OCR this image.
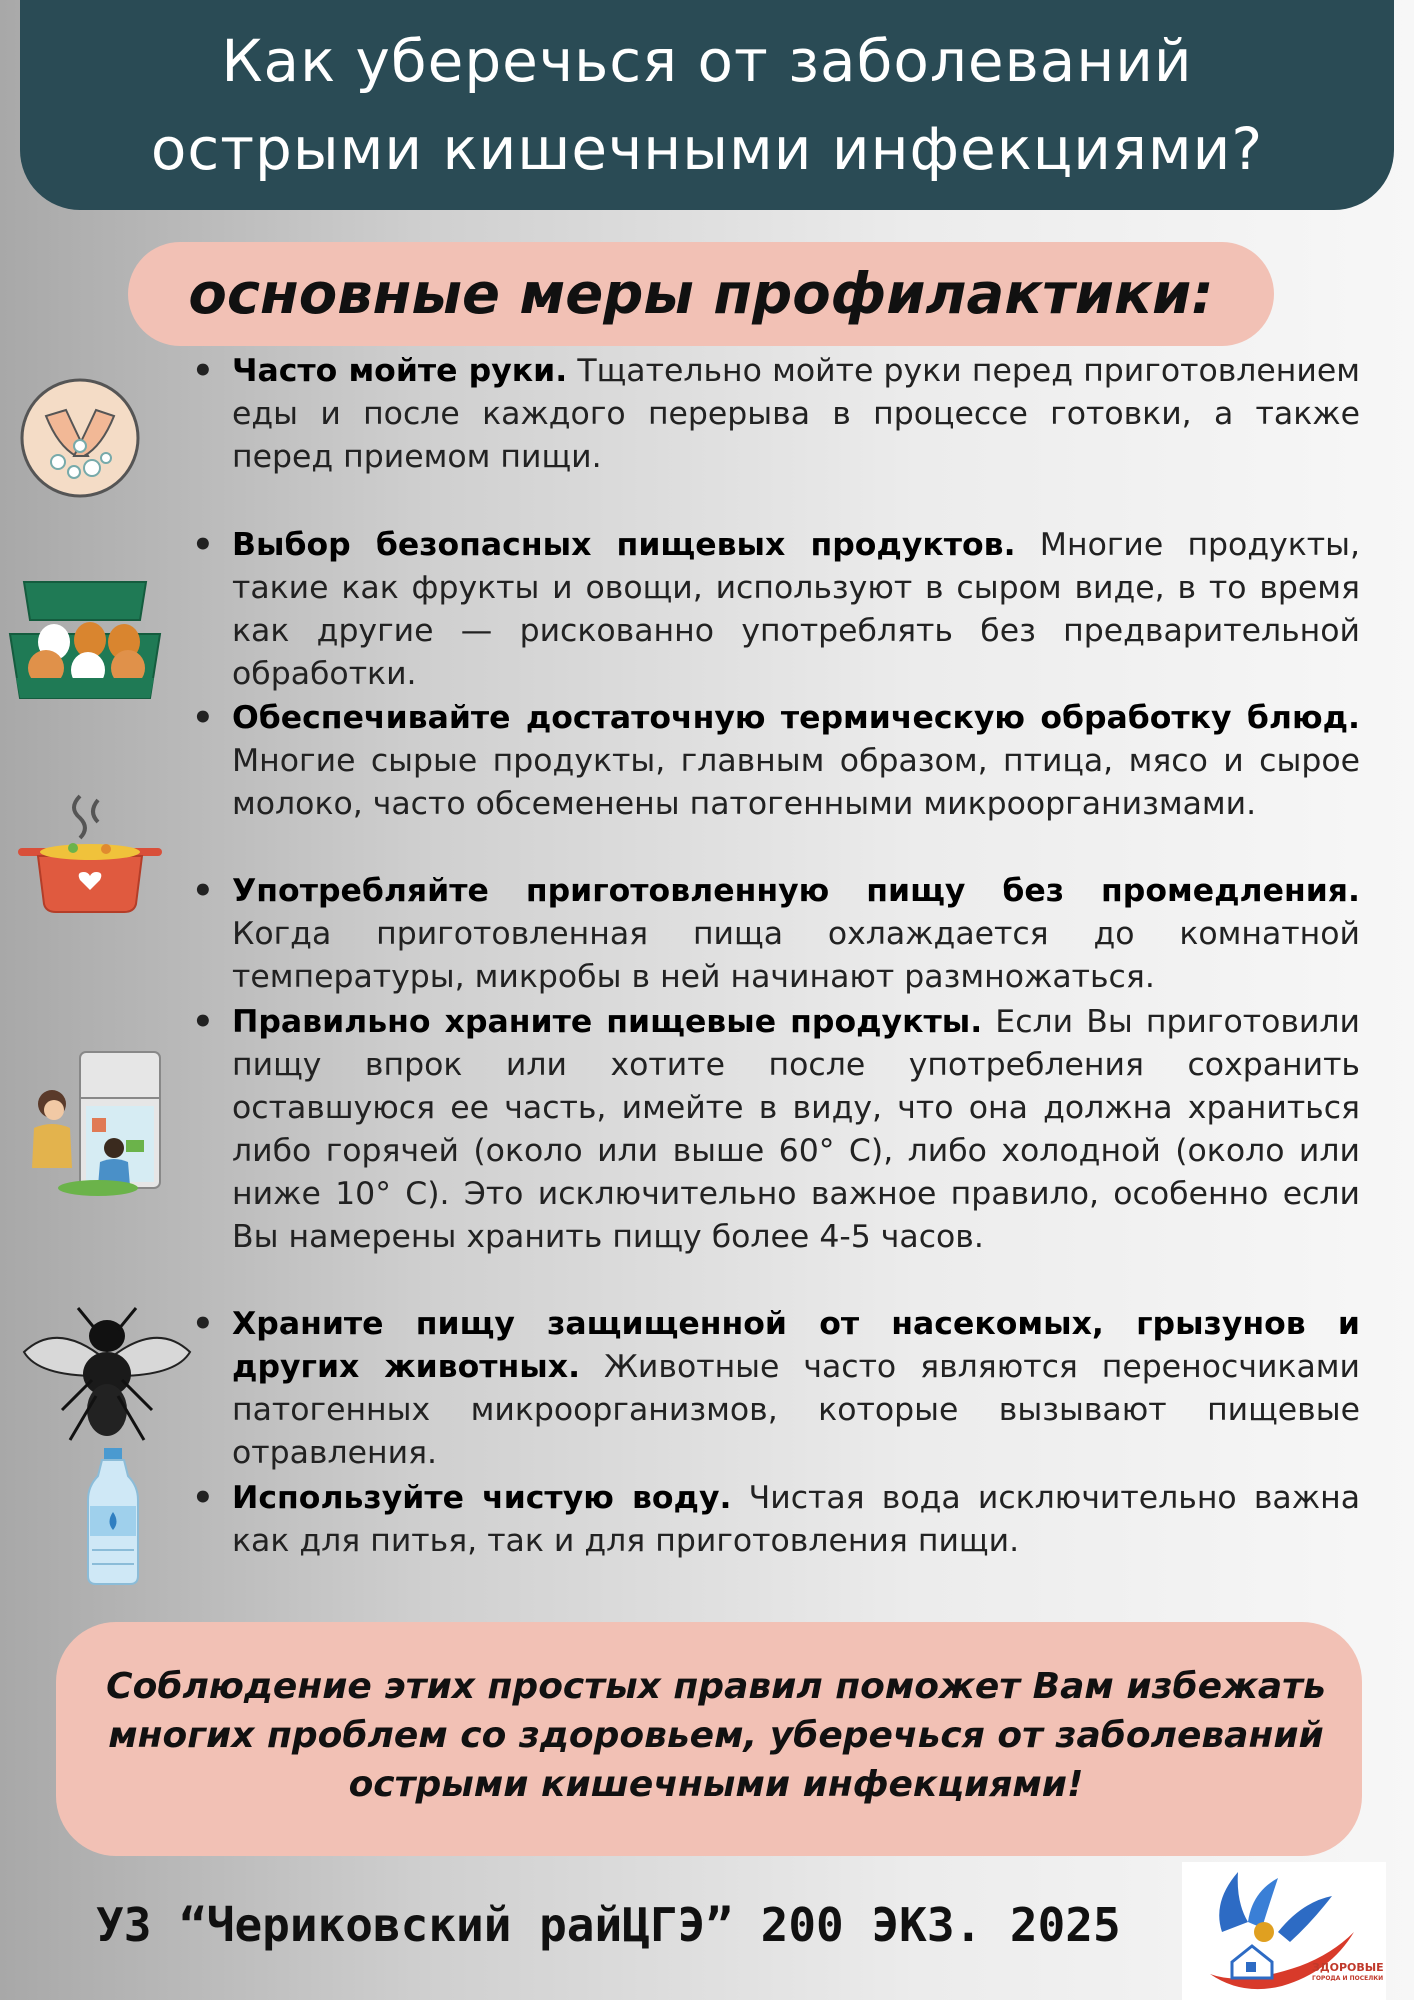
Как уберечься от заболеваний
острыми кишечными инфекциями?
основные меры профилактики:
• Часто мойте руки. Тщательно мойте руки перед приготовлением еды и после каждого перерыва в процессе готовки, а также перед приемом пищи.
• Выбор безопасных пищевых продуктов. Многие продукты, такие как фрукты и овощи, используют в сыром виде, в то время как другие — рискованно употреблять без предварительной обработки.
• Обеспечивайте достаточную термическую обработку блюд. Многие сырые продукты, главным образом, птица, мясо и сырое молоко, часто обсеменены патогенными микроорганизмами.
• Употребляйте приготовленную пищу без промедления. Когда приготовленная пища охлаждается до комнатной температуры, микробы в ней начинают размножаться.
• Правильно храните пищевые продукты. Если Вы приготовили пищу впрок или хотите после употребления сохранить оставшуюся ее часть, имейте в виду, что она должна храниться либо горячей (около или выше 60° С), либо холодной (около или ниже 10° С). Это исключительно важное правило, особенно если Вы намерены хранить пищу более 4-5 часов.
• Храните пищу защищенной от насекомых, грызунов и других животных. Животные часто являются переносчиками патогенных микроорганизмов, которые вызывают пищевые отравления.
• Используйте чистую воду. Чистая вода исключительно важна как для питья, так и для приготовления пищи.
Соблюдение этих простых правил поможет Вам избежать
многих проблем со здоровьем, уберечься от заболеваний
острыми кишечными инфекциями!
УЗ “Чериковский райЦГЭ” 200 ЭКЗ. 2025
ЗДОРОВЫЕ
ГОРОДА И ПОСЕЛКИ
